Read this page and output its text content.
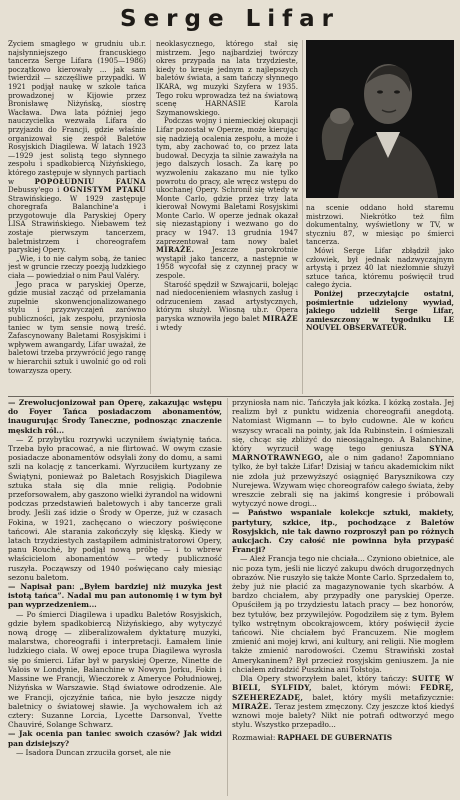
Serge Lifar

Życiem smagłego w grudniu ub.r. najsłynniejszego francuskiego tancerza Serge Lifara (1905—1986) początkowo kierowały ... jak sam twierdził — szczęśliwe przypadki. W 1921 podjął naukę w szkole tańca prowadzonej w Kijowie przez Bronisławę Niżyńską, siostrę Wacława. Dwa lata później jego nauczycielka wezwała Lifara do przyjazdu do Francji, gdzie właśnie organizował się zespół Baletów Rosyjskich Diagilewa. W latach 1923—1929 jest solistą tego słynnego zespołu i spadkobiercą Niżyńskiego, którego zastępuje w słynnych partiach w	POPOŁUDNIU FAUNA Debussy'ego i OGNISTYM PTAKU Strawińskiego. W 1929 zastępuje choregrafa Balanchine'a i przygotowuje dla Paryskiej Opery LISA Strawińskiego. Niebawem też zostaje pierwszym tancerzem, baletmistrzem i choreografem paryskiej Opery.

„Wie, i to nie całym sobą, że taniec jest w gruncie rzeczy poezją ludzkiego ciała — powiedział o nim Paul Valéry.

Jego praca w paryskiej Operze, gdzie musiał zacząć od przełamania zupełnie skonwencjonalizowanego stylu i przyzwyczajeń zarówno publiczności, jak zespołu, przyniosła taniec w tym sensie nową treść. Zafascynowany Baletami Rosyjskimi i wpływem awangardy, Lifar uważał, że baletowi trzeba przywrócić jego rangę w hierarchii sztuk i uwolnić go od roli towarzysza opery.

neoklasycznego, którego stał się mistrzem. Jego najbardziej twórczy okres przypada na lata trzydzieste, kiedy to kreuje jednym z najlepszych baletów świata, a sam tańczy słynnego IKARA, wg muzyki Szyfera w 1935. Tego roku wprowadza też na światową scenę HARNASIE Karola Szymanowskiego.

Podczas wojny i niemieckiej okupacji Lifar pozostał w Operze, może kierując się nadzieją ocalenia zespołu, a może i tym, aby zachować to, co przez lata budował. Decyzja ta silnie zaważyła na jego dalszych losach. Za karę po wyzwoleniu zakazano mu nie tylko powrotu do pracy, ale wręcz wstępu do ukochanej Opery. Schronił się wtedy w Monte Carlo, gdzie przez trzy lata kierował Nowymi Baletami Rosyjskimi Monte Carlo. W operze jednak okazał się niezastąpiony i wezwano go do pracy w 1947. 13 grudnia 1947 zaprezentował tam nowy balet MIRAŻE. Jeszcze parokrotnie wystąpił jako tancerz, a następnie w 1958 wycofał się z czynnej pracy w zespole.

Starość spędził w Szwajcarii, bolejąc nad niedocenieniem własnych zasług i odrzuceniem zasad artystycznych, którym służył. Wiosną ub.r. Opera paryska wznowiła jego balet MIRAŻE i wtedy

na scenie oddano hołd staremu mistrzowi. Niekrótko też film dokumentalny, wyświetlony w TV, w styczniu 87, w miesiąc po śmierci tancerza.

Mówi Serge Lifar zbłądził jako człowiek, był jednak nadzwyczajnym artystą i przez 40 lat niezłomnie służył sztuce tańca, któremu poświęcił trud całego życia.

Poniżej przeczytajcie ostatni, pośmiertnie udzielony wywiad, jakiego udzielił Serge Lifar, zamieszczony w tygodniku LE NOUVEL OBSERVATEUR.

— Zrewolucjonizował pan Operę, zakazując wstępu do Foyer Tańca posiadaczom abonamentów, inaugurując Środy Taneczne, podnosząc znaczenie męskich ról...

— Z przybytku rozrywki uczyniłem świątynię tańca. Trzeba było pracować, a nie flirtować. W owym czasie posiadacze abonamentów odsyłali żony do domu, a sami szli na kolację z tancerkami. Wyrzuciłem kurtyzany ze Świątyni, ponieważ po Baletach Rosyjskich Diagilewa sztuka stała się dla mnie religią. Podobnie przeforsowałem, aby gaszono wielki żyrandol na widowni podczas przedstawień baletowych i aby tancerze grali brody. Jeśli zaś idzie o Środy w Operze, już w czasach Fokina, w 1921, zachęcano o wieczory poświęcone tańcowi. Ale starania zakończyły się klęską. Kiedy w latach trzydziestych zastąpiłem administratorowi Opery, panu Rouché, by podjął nową próbę — i to wbrew właścicielom abonamentów — wtedy publiczność ruszyła. Począwszy od 1940 poświęcano cały miesiąc sezonu baletom.

— Napisał pan: „Byłem bardziej niż muzyka jest istotą tańca”. Nadal mu pan autonomię i w tym był pan wyprzedzeniem...

— Po śmierci Diagilewa i upadku Baletów Rosyjskich, gdzie byłem spadkobiercą Niżyńskiego, aby wytyczyć nową drogę — zliberalizowałem dyktaturę muzyki, malarstwa, choreografii i interpretacji. Łamałem linie ludzkiego ciała. W owej epoce trupa Diagilewa wyrosła się po śmierci. Lifar był w paryskiej Operze, Ninette de Valois w Londynie, Balanchine w Nowym Jorku, Fokin i Massine we Francji, Wieczorek z Ameryce Południowej, Niżyńska w Warszawie. Stąd światowe odrodzenie. Ale we Francji, ojczyźnie tańca, nie było jeszcze nigdy baletnicy o światowej sławie. Ja wychowałem ich aż cztery: Suzanne Lorcia, Lycette Darsonval, Yvette Chauviré, Solange Schwarz.

— Jak ocenia pan taniec swoich czasów? Jak widzi pan dzisiejszy?

— Isadora Duncan zrzuciła gorset, ale nie

przyniosła nam nic. Tańczyła jak kózka. I kózką została. Jej realizm był z punktu widzenia choreografii anegdotą. Natomiast Wigmann — to było cudowne. Ale w końcu wszyscy wracali na pointy, jak Ida Rubinstein. I ośmieszali się, chcąc się zbliżyć do nieosiągalnego. A Balanchine, który wyrzucił wagę tego geniusza SYNA MARNOTRAWNEGO, ale o nim gadano! Zapomniano tylko, że był także Lifar! Dzisiaj w tańcu akademickim nikt nie zdoła już przewyższyć osiągnięć Barysznikowa czy Nurejewa. Wzywam więc choreografów całego świata, żeby wreszcie zebrali się na jakimś kongresie i próbowali wytyczyć nowe drogi...

— Państwo wspaniale kolekcje sztuki, makiety, partytury, szkice, itp., pochodzące z Baletów Rosyjskich, nie tak dawno rozproszył pan po różnych aukcjach. Czy całość nie powinna była przypaść Francji?

— Ależ Francja tego nie chciała... Czyniono obietnice, ale nic poza tym, jeśli nie liczyć zakupu dwóch drugorzędnych obrazów. Nie ruszyło się także Monte Carlo. Sprzedałem to, żeby już nie płacić za magazynowanie tych skarbów. A bardzo chciałem, aby przypadły one paryskiej Operze. Opuściłem ją po trzydziestu latach pracy — bez honorów, bez tytułów, bez przywilejów. Pogodziłem się z tym. Byłem tylko wstrętnym obcokrajowcem, który poświęcił życie tańcowi. Nie chciałem być Francuzem. Nie mogłem zmienić ani mojej krwi, ani kultury, ani religii. Nie mogłem także zmienić narodowości. Czemu Strawiński został Amerykaninem? Był przecież rosyjskim geniuszem. Ja nie chciałem zdradzić Puszkina ani Tołstoja.

Dla Opery stworzyłem balet, który tańczy: SUITĘ W BIELI, SYLFIDY, balet, którym mówi: FEDRĘ, SZEHEREZADĘ, balet, który myśli metafizycznie: MIRAŻE. Teraz jestem zmęczony. Czy jeszcze ktoś kiedyś wznowi moje balety? Nikt nie potrafi odtworzyć mego stylu. Wszystko przepadło...

Rozmawiał: RAPHAEL DE GUBERNATIS
